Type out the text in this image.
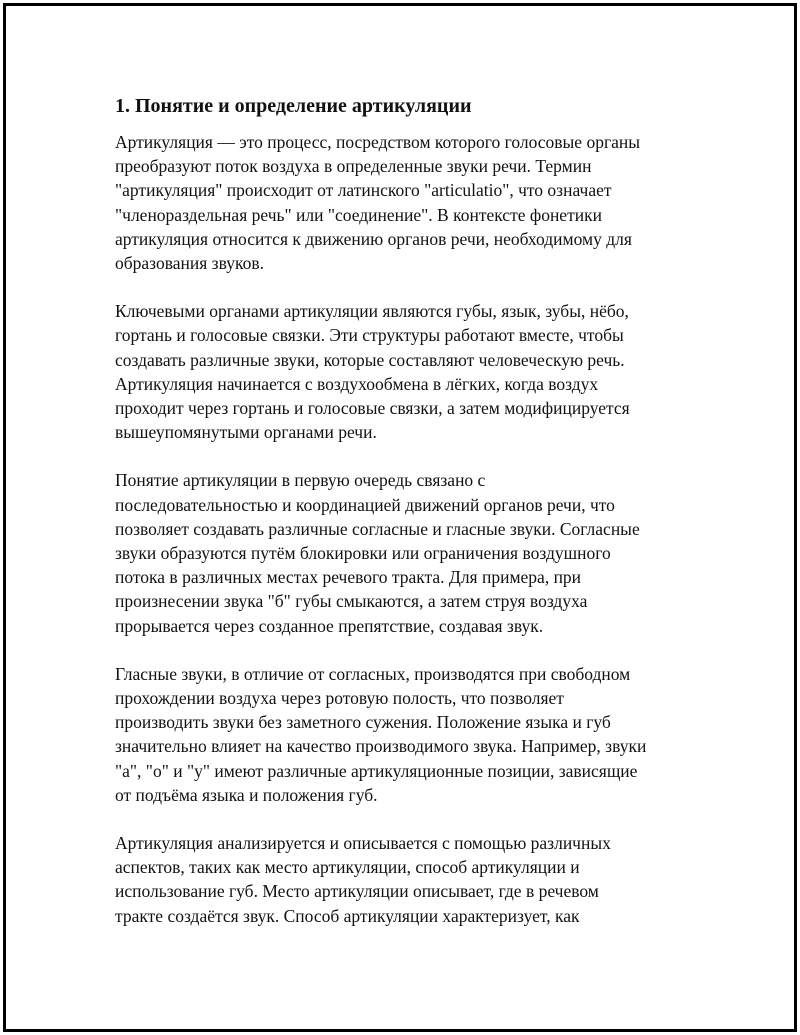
1. Понятие и определение артикуляции
Артикуляция — это процесс, посредством которого голосовые органы
преобразуют поток воздуха в определенные звуки речи. Термин
"артикуляция" происходит от латинского "articulatio", что означает
"членораздельная речь" или "соединение". В контексте фонетики
артикуляция относится к движению органов речи, необходимому для
образования звуков.
Ключевыми органами артикуляции являются губы, язык, зубы, нёбо,
гортань и голосовые связки. Эти структуры работают вместе, чтобы
создавать различные звуки, которые составляют человеческую речь.
Артикуляция начинается с воздухообмена в лёгких, когда воздух
проходит через гортань и голосовые связки, а затем модифицируется
вышеупомянутыми органами речи.
Понятие артикуляции в первую очередь связано с
последовательностью и координацией движений органов речи, что
позволяет создавать различные согласные и гласные звуки. Согласные
звуки образуются путём блокировки или ограничения воздушного
потока в различных местах речевого тракта. Для примера, при
произнесении звука "б" губы смыкаются, а затем струя воздуха
прорывается через созданное препятствие, создавая звук.
Гласные звуки, в отличие от согласных, производятся при свободном
прохождении воздуха через ротовую полость, что позволяет
производить звуки без заметного сужения. Положение языка и губ
значительно влияет на качество производимого звука. Например, звуки
"а", "о" и "у" имеют различные артикуляционные позиции, зависящие
от подъёма языка и положения губ.
Артикуляция анализируется и описывается с помощью различных
аспектов, таких как место артикуляции, способ артикуляции и
использование губ. Место артикуляции описывает, где в речевом
тракте создаётся звук. Способ артикуляции характеризует, как
